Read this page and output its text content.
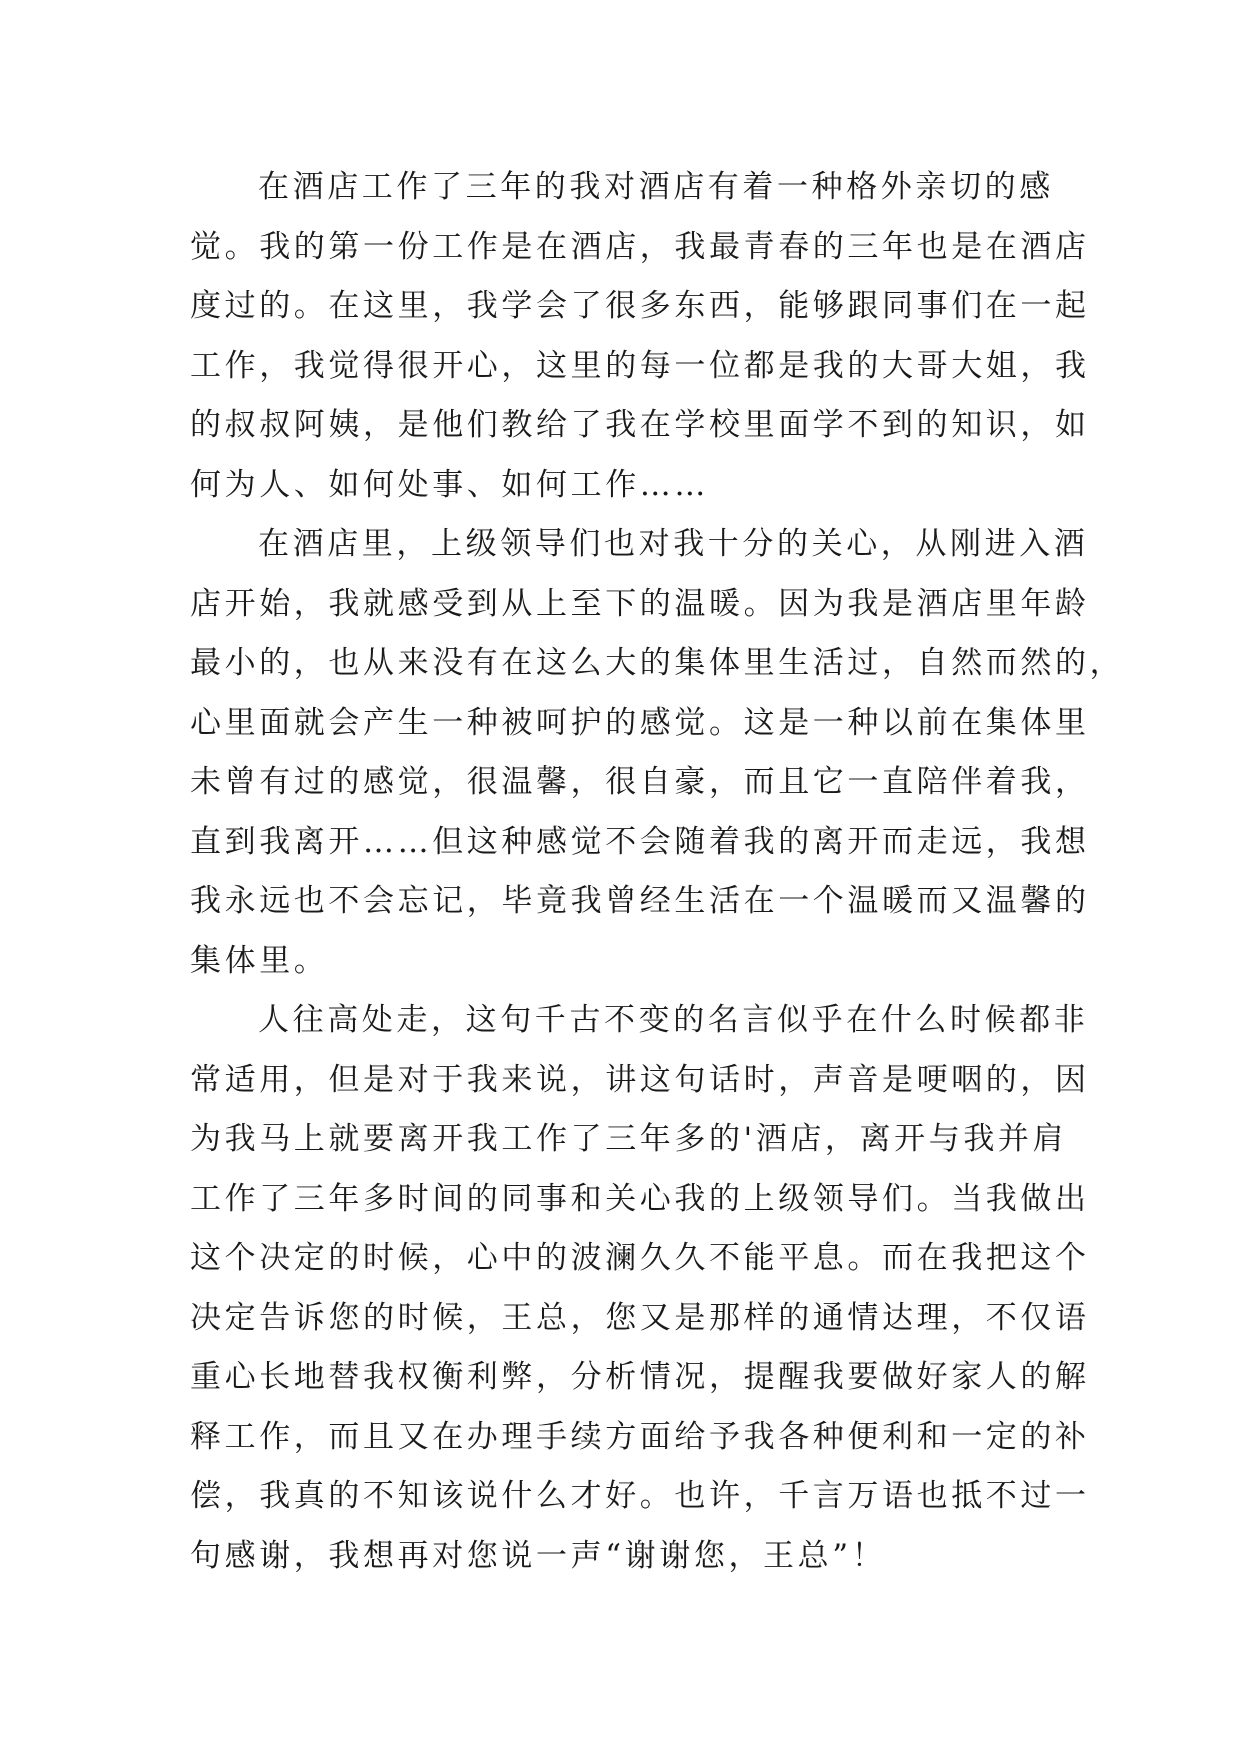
在酒店工作了三年的我对酒店有着一种格外亲切的感
觉。我的第一份工作是在酒店，我最青春的三年也是在酒店
度过的。在这里，我学会了很多东西，能够跟同事们在一起
工作，我觉得很开心，这里的每一位都是我的大哥大姐，我
的叔叔阿姨，是他们教给了我在学校里面学不到的知识，如
何为人、如何处事、如何工作……

在酒店里，上级领导们也对我十分的关心，从刚进入酒
店开始，我就感受到从上至下的温暖。因为我是酒店里年龄
最小的，也从来没有在这么大的集体里生活过，自然而然的，
心里面就会产生一种被呵护的感觉。这是一种以前在集体里
未曾有过的感觉，很温馨，很自豪，而且它一直陪伴着我，
直到我离开……但这种感觉不会随着我的离开而走远，我想
我永远也不会忘记，毕竟我曾经生活在一个温暖而又温馨的
集体里。

人往高处走，这句千古不变的名言似乎在什么时候都非
常适用，但是对于我来说，讲这句话时，声音是哽咽的，因
为我马上就要离开我工作了三年多的'酒店，离开与我并肩
工作了三年多时间的同事和关心我的上级领导们。当我做出
这个决定的时候，心中的波澜久久不能平息。而在我把这个
决定告诉您的时候，王总，您又是那样的通情达理，不仅语
重心长地替我权衡利弊，分析情况，提醒我要做好家人的解
释工作，而且又在办理手续方面给予我各种便利和一定的补
偿，我真的不知该说什么才好。也许，千言万语也抵不过一
句感谢，我想再对您说一声“谢谢您，王总”！
